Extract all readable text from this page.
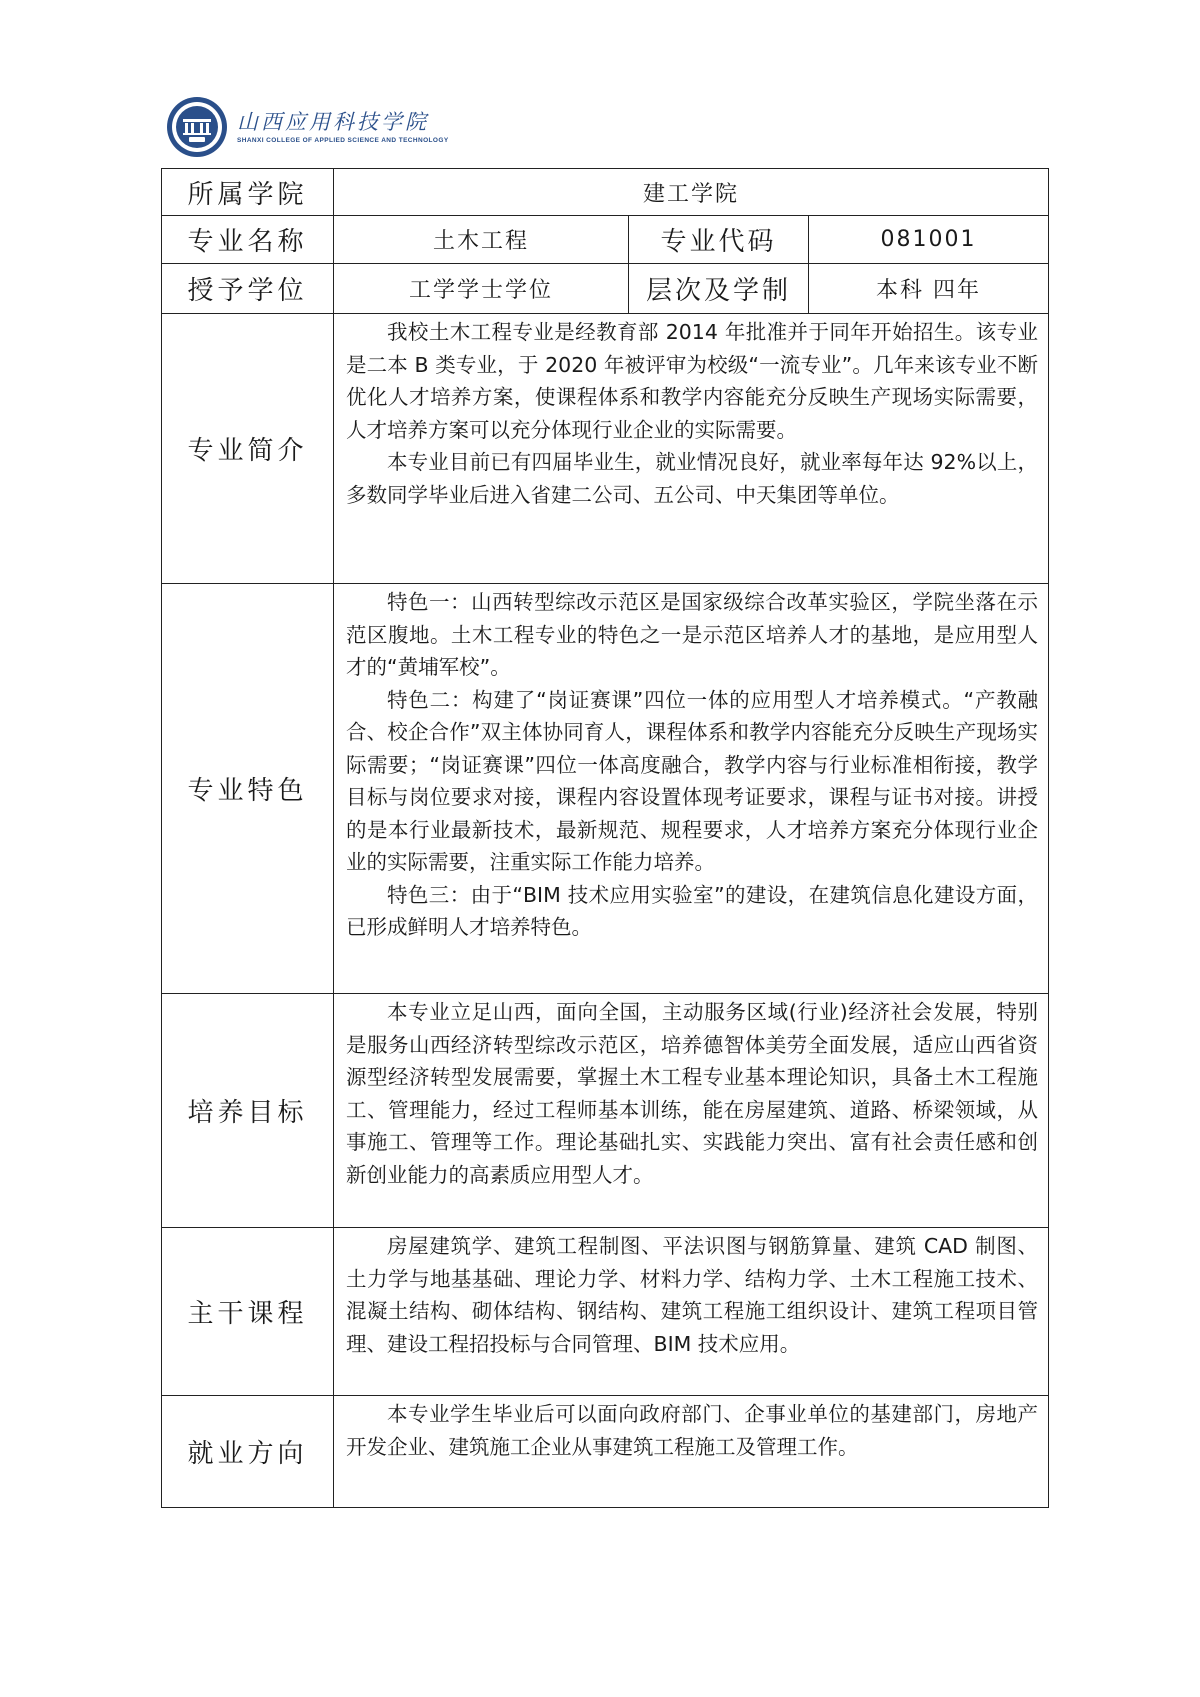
山西应用科技学院
SHANXI COLLEGE OF APPLIED SCIENCE AND TECHNOLOGY
所属学院	建工学院		
专业名称	土木工程	专业代码	081001
授予学位	工学学士学位	层次及学制	本科 四年
专业简介	我校土木工程专业是经教育部 2014 年批准并于同年开始招生。该专业是二本 B 类专业，于 2020 年被评审为校级“一流专业”。几年来该专业不断优化人才培养方案，使课程体系和教学内容能充分反映生产现场实际需要，人才培养方案可以充分体现行业企业的实际需要。

本专业目前已有四届毕业生，就业情况良好，就业率每年达 92%以上，多数同学毕业后进入省建二公司、五公司、中天集团等单位。		

专业特色	特色一：山西转型综改示范区是国家级综合改革实验区，学院坐落在示范区腹地。土木工程专业的特色之一是示范区培养人才的基地，是应用型人才的“黄埔军校”。

特色二：构建了“岗证赛课”四位一体的应用型人才培养模式。“产教融合、校企合作”双主体协同育人，课程体系和教学内容能充分反映生产现场实际需要；“岗证赛课”四位一体高度融合，教学内容与行业标准相衔接，教学目标与岗位要求对接，课程内容设置体现考证要求，课程与证书对接。讲授的是本行业最新技术，最新规范、规程要求，人才培养方案充分体现行业企业的实际需要，注重实际工作能力培养。

特色三：由于“BIM 技术应用实验室”的建设，在建筑信息化建设方面，已形成鲜明人才培养特色。		

培养目标	本专业立足山西，面向全国，主动服务区域(行业)经济社会发展，特别是服务山西经济转型综改示范区，培养德智体美劳全面发展，适应山西省资源型经济转型发展需要，掌握土木工程专业基本理论知识，具备土木工程施工、管理能力，经过工程师基本训练，能在房屋建筑、道路、桥梁领域，从事施工、管理等工作。理论基础扎实、实践能力突出、富有社会责任感和创新创业能力的高素质应用型人才。		

主干课程	房屋建筑学、建筑工程制图、平法识图与钢筋算量、建筑 CAD 制图、土力学与地基基础、理论力学、材料力学、结构力学、土木工程施工技术、混凝土结构、砌体结构、钢结构、建筑工程施工组织设计、建筑工程项目管理、建设工程招投标与合同管理、BIM 技术应用。		

就业方向	本专业学生毕业后可以面向政府部门、企事业单位的基建部门，房地产开发企业、建筑施工企业从事建筑工程施工及管理工作。		
